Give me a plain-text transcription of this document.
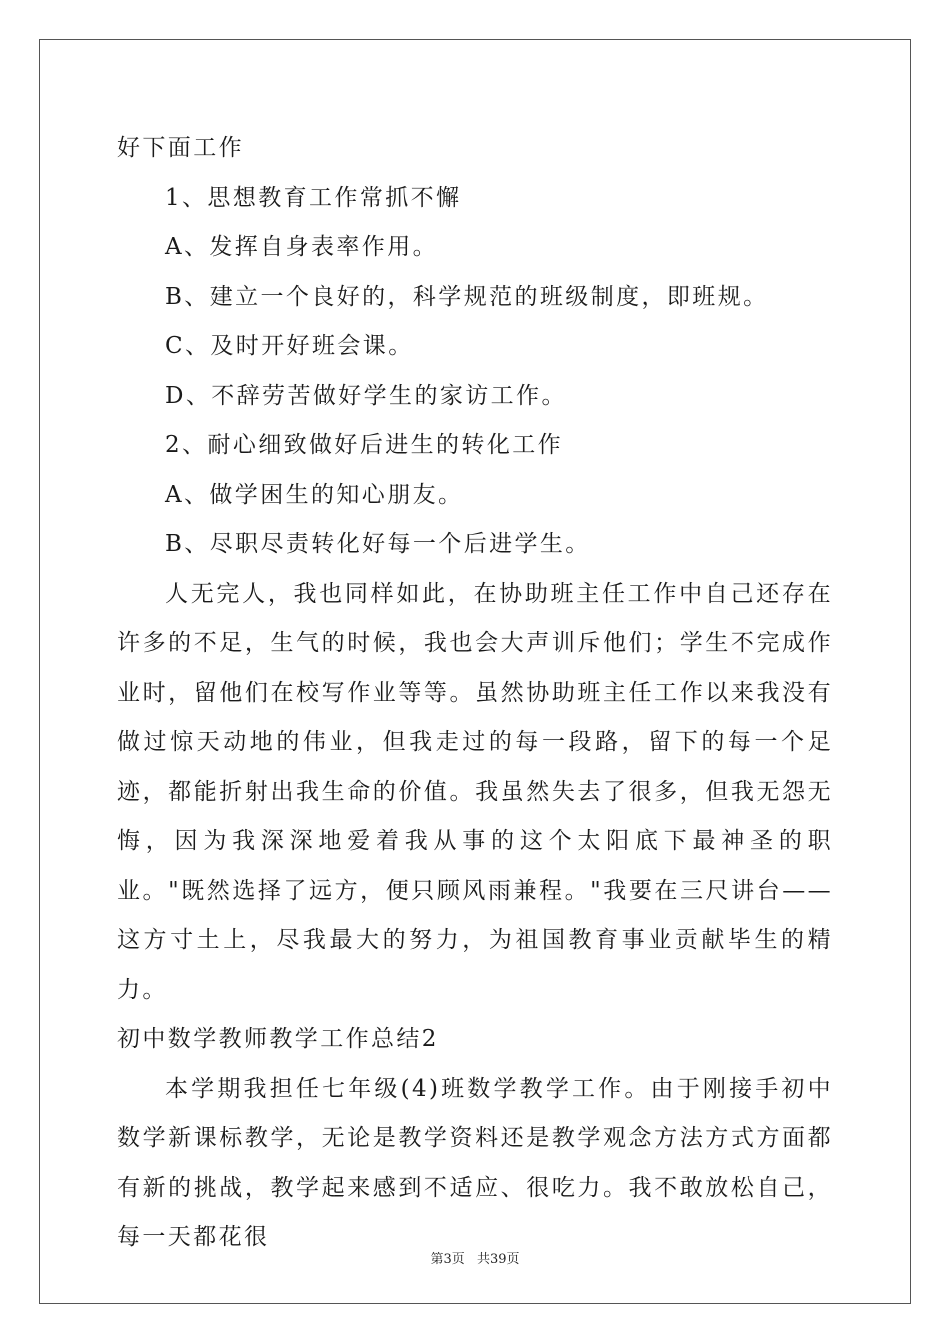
好下面工作
1、思想教育工作常抓不懈
A、发挥自身表率作用。
B、建立一个良好的，科学规范的班级制度，即班规。
C、及时开好班会课。
D、不辞劳苦做好学生的家访工作。
2、耐心细致做好后进生的转化工作
A、做学困生的知心朋友。
B、尽职尽责转化好每一个后进学生。

人无完人，我也同样如此，在协助班主任工作中自己还存在许多的不足，生气的时候，我也会大声训斥他们；学生不完成作业时，留他们在校写作业等等。虽然协助班主任工作以来我没有做过惊天动地的伟业，但我走过的每一段路，留下的每一个足迹，都能折射出我生命的价值。我虽然失去了很多，但我无怨无悔，因为我深深地爱着我从事的这个太阳底下最神圣的职业。"既然选择了远方，便只顾风雨兼程。"我要在三尺讲台——这方寸土上，尽我最大的努力，为祖国教育事业贡献毕生的精力。

初中数学教师教学工作总结2

本学期我担任七年级(4)班数学教学工作。由于刚接手初中数学新课标教学，无论是教学资料还是教学观念方法方式方面都有新的挑战，教学起来感到不适应、很吃力。我不敢放松自己，每一天都花很

第3页 共39页
